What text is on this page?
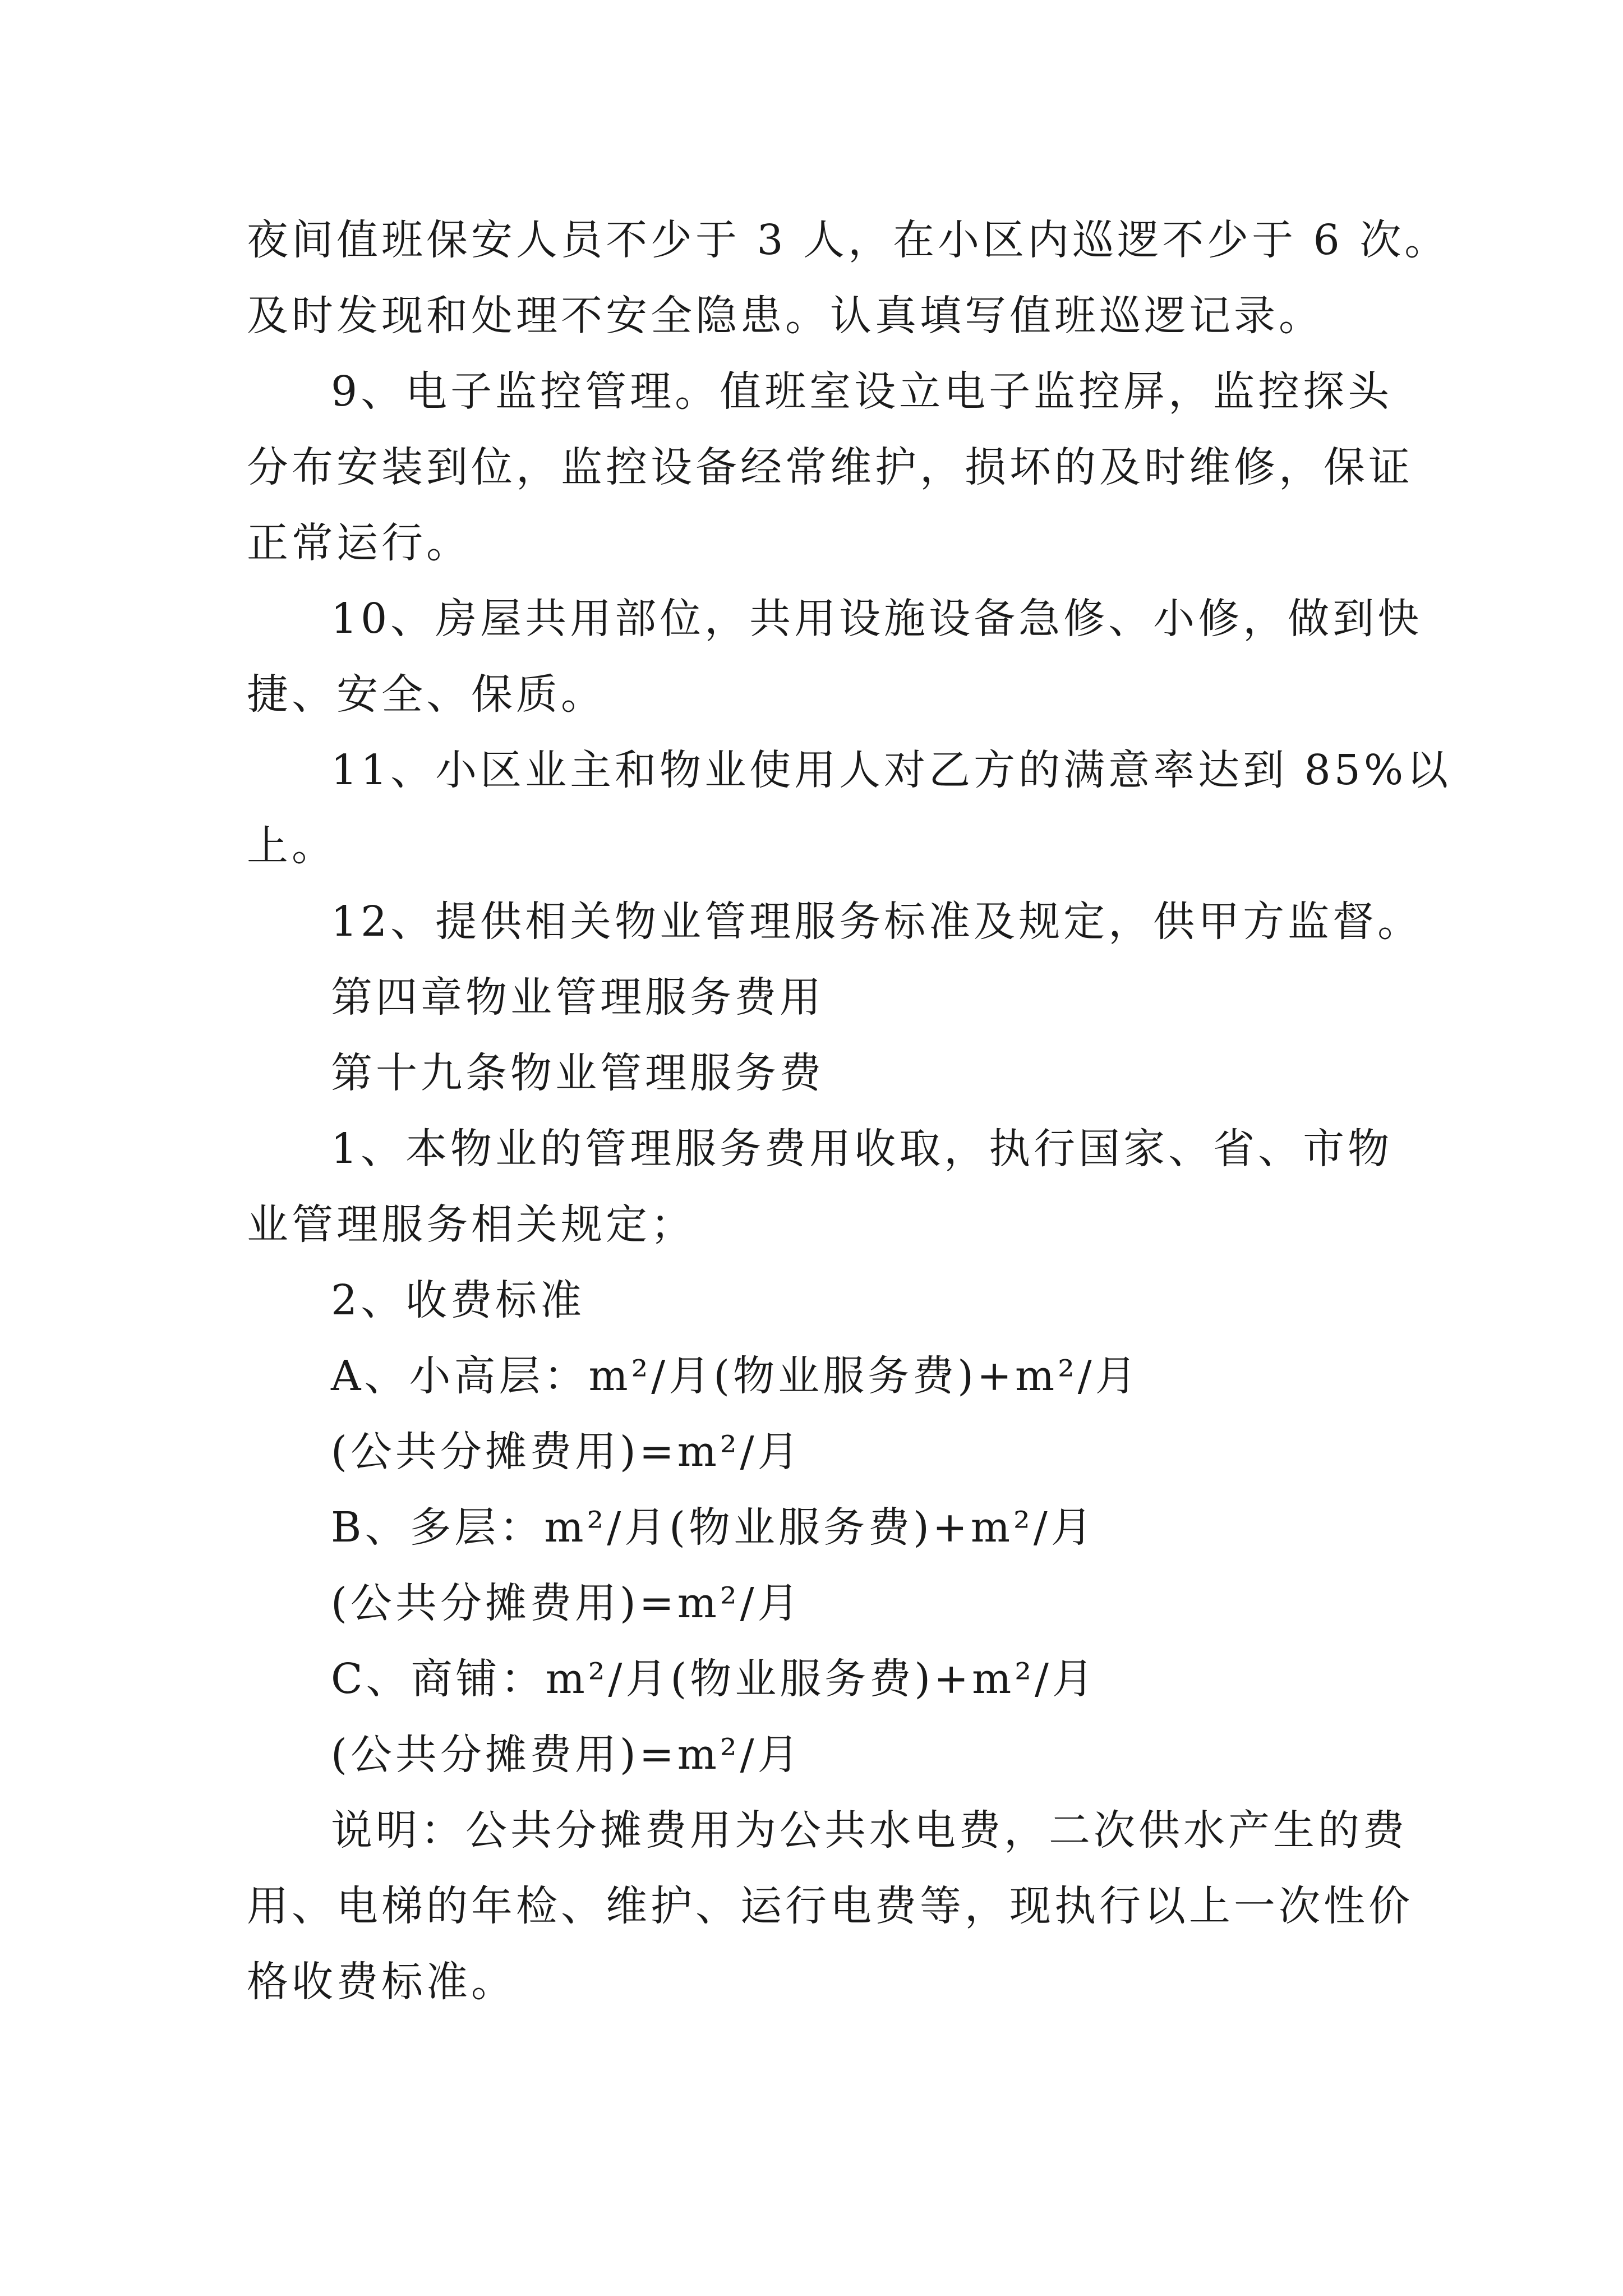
夜间值班保安人员不少于 3 人，在小区内巡逻不少于 6 次。
及时发现和处理不安全隐患。认真填写值班巡逻记录。
9、电子监控管理。值班室设立电子监控屏，监控探头
分布安装到位，监控设备经常维护，损坏的及时维修，保证
正常运行。
10、房屋共用部位，共用设施设备急修、小修，做到快
捷、安全、保质。
11、小区业主和物业使用人对乙方的满意率达到 85%以
上。
12、提供相关物业管理服务标准及规定，供甲方监督。
第四章物业管理服务费用
第十九条物业管理服务费
1、本物业的管理服务费用收取，执行国家、省、市物
业管理服务相关规定；
2、收费标准
A、小高层：m²/月(物业服务费)+m²/月
(公共分摊费用)=m²/月
B、多层：m²/月(物业服务费)+m²/月
(公共分摊费用)=m²/月
C、商铺：m²/月(物业服务费)+m²/月
(公共分摊费用)=m²/月
说明：公共分摊费用为公共水电费，二次供水产生的费
用、电梯的年检、维护、运行电费等，现执行以上一次性价
格收费标准。
